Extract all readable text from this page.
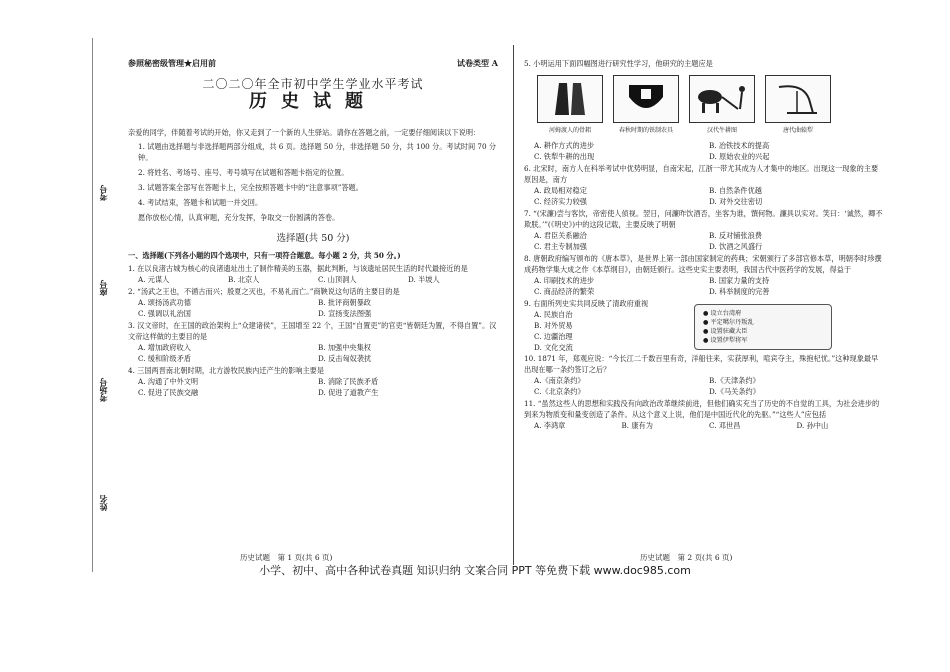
考号
座号
考场号
姓名
参照秘密级管理★启用前	试卷类型 A
二〇二〇年全市初中学生学业水平考试
历史试题

亲爱的同学，伴随着考试的开始，你又走到了一个新的人生驿站。请你在答题之前，一定要仔细阅读以下说明：

1. 试题由选择题与非选择题两部分组成，共 6 页。选择题 50 分，非选择题 50 分，共 100 分。考试时间 70 分钟。

2. 将姓名、考场号、座号、考号填写在试题和答题卡指定的位置。

3. 试题答案全部写在答题卡上，完全按照答题卡中的“注意事项”答题。

4. 考试结束，答题卡和试题一并交回。

愿你放松心情，认真审题，充分发挥，争取交一份圆满的答卷。

选择题(共 50 分)

一、选择题(下列各小题的四个选项中，只有一项符合题意。每小题 2 分，共 50 分。)

1. 在以良渚古城为核心的良渚遗址出土了制作精美的玉器，据此判断，与该遗址居民生活的时代最接近的是

A. 元谋人	B. 北京人	C. 山顶洞人	D. 半坡人

2. “汤武之王也，不循古而兴；殷夏之灭也，不易礼而亡。”商鞅说这句话的主要目的是

A. 颂扬汤武功德	B. 批评商朝暴政
C. 强调以礼治国	D. 宣扬变法图强

3. 汉文帝时，在王国的政治架构上“众建诸侯”，王国增至 22 个，王国“自置吏”的官吏“皆朝廷为置，不得自置”。汉文帝这样做的主要目的是

A. 增加政府收入	B. 加强中央集权
C. 缓和阶级矛盾	D. 反击匈奴袭扰

4. 三国两晋南北朝时期，北方游牧民族内迁产生的影响主要是

A. 沟通了中外文明	B. 消除了民族矛盾
C. 促进了民族交融	D. 促进了道教产生
历史试题　第 1 页(共 6 页)

5. 小明运用下面四幅图进行研究性学习，他研究的主题应是

河姆渡人的骨耜	春秋时期的铁制农具	汉代牛耕图	唐代曲辕犁
A. 耕作方式的进步	B. 冶铁技术的提高
C. 铁犁牛耕的出现	D. 原始农业的兴起

6. 北宋时，南方人在科举考试中优势明显，自南宋起，江浙一带尤其成为人才集中的地区。出现这一现象的主要原因是，南方

A. 政局相对稳定	B. 自然条件优越
C. 经济实力较强	D. 对外交往密切

7. “(宋濂)尝与客饮，帝密使人侦视。翌日，问濂昨饮酒否，坐客为谁，馔何物。濂具以实对。笑曰：‘诚然，卿不欺朕。’”(《明史》)中的这段记载，主要反映了明朝

A. 君臣关系融洽	B. 反对铺张浪费
C. 君主专制加强	D. 饮酒之风盛行

8. 唐朝政府编写颁布的《唐本草》，是世界上第一部由国家制定的药典；宋朝颁行了多部官修本草，明朝李时珍撰成药物学集大成之作《本草纲目》，由朝廷颁行。这些史实主要表明，我国古代中医药学的发展，得益于

A. 印刷技术的进步	B. 国家力量的支持
C. 商品经济的繁荣	D. 科举制度的完善

9. 右面所列史实共同反映了清政府重视

A. 民族自治
B. 对外贸易
C. 边疆治理
D. 文化交流
● 设立台湾府
● 平定噶尔丹叛乱
● 设置驻藏大臣
● 设置伊犁将军

10. 1871 年，郑观应说：“今长江二千数百里有奇，洋船往来，实获厚利，喧宾夺主，殊抱杞忧。”这种现象最早出现在哪一条约签订之后？

A.《南京条约》	B.《天津条约》
C.《北京条约》	D.《马关条约》

11. “虽然这些人的思想和实践没有向政治改革继续前进，但他们确实充当了历史的不自觉的工具，为社会进步的到来为物质变和量变创造了条件。从这个意义上说，他们是中国近代化的先驱。”“这些人”应包括

A. 李鸿章	B. 康有为	C. 邓世昌	D. 孙中山
历史试题　第 2 页(共 6 页)
小学、初中、高中各种试卷真题 知识归纳 文案合同 PPT 等免费下载 www.doc985.com
